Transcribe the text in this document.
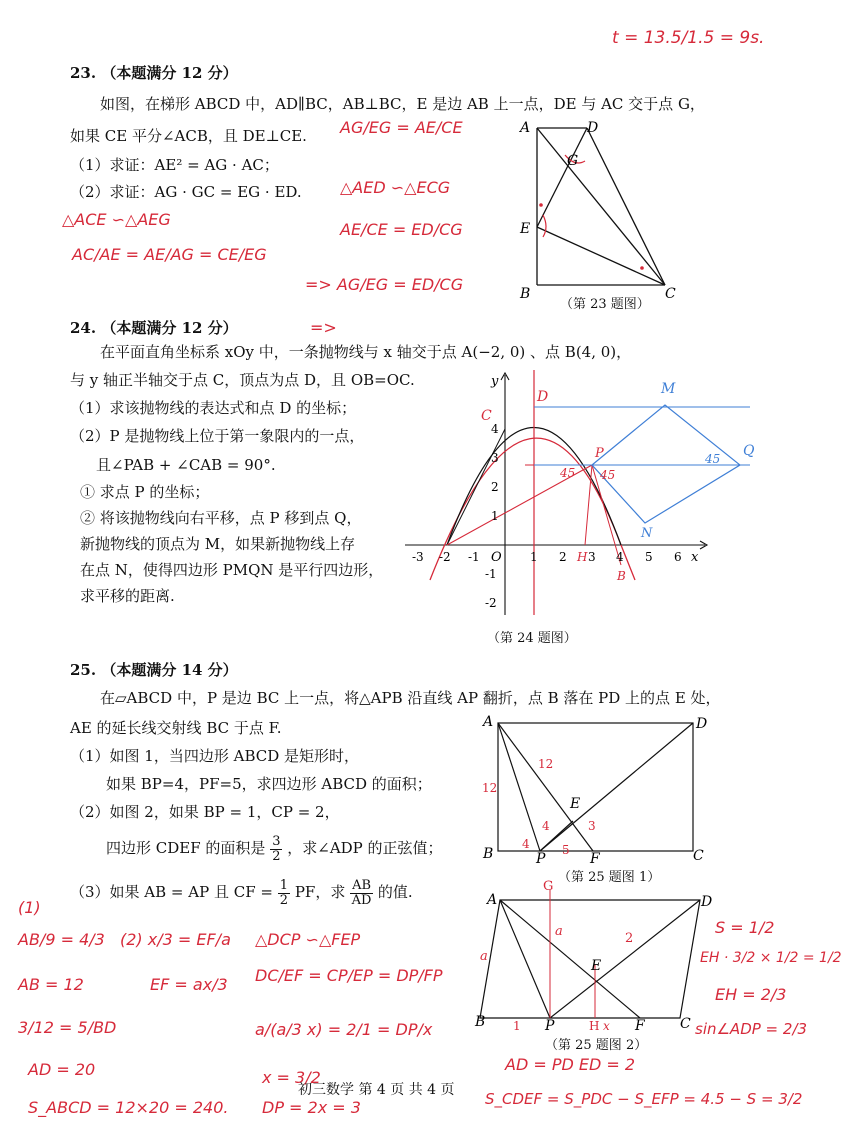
t = 13.5/1.5 = 9s.
23. （本题满分 12 分）
如图，在梯形 ABCD 中，AD∥BC，AB⊥BC，E 是边 AB 上一点，DE 与 AC 交于点 G，
如果 CE 平分∠ACB，且 DE⊥CE.
（1）求证：AE² = AG · AC；
（2）求证：AG · GC = EG · ED.
AG/EG = AE/CE
△AED ∽△ECG
AE/CE = ED/CG
=> AG/EG = ED/CG
=>
△ACE ∽△AEG
AC/AE = AE/AG = CE/EG
A	D
G
E
B	C
（第 23 题图）
24. （本题满分 12 分）
在平面直角坐标系 xOy 中，一条抛物线与 x 轴交于点 A(−2, 0) 、点 B(4, 0)，
与 y 轴正半轴交于点 C，顶点为点 D，且 OB=OC.
（1）求该抛物线的表达式和点 D 的坐标；
（2）P 是抛物线上位于第一象限内的一点，
且∠PAB + ∠CAB = 90°.
① 求点 P 的坐标；
② 将该抛物线向右平移，点 P 移到点 Q，
新抛物线的顶点为 M，如果新抛物线上存
在点 N，使得四边形 PMQN 是平行四边形，
求平移的距离.
-3 -2 -1 O 1 2 3 4 5 6 x
y
4
3
2
1
-1
-2
D
C
M
Q
P
N
H
B
45 45
45
（第 24 题图）
25. （本题满分 14 分）
在▱ABCD 中，P 是边 BC 上一点，将△APB 沿直线 AP 翻折，点 B 落在 PD 上的点 E 处，
AE 的延长线交射线 BC 于点 F.
（1）如图 1，当四边形 ABCD 是矩形时，
如果 BP=4，PF=5，求四边形 ABCD 的面积；
（2）如图 2，如果 BP = 1，CP = 2，
四边形 CDEF 的面积是 $\frac{3}{2}$ ，求∠ADP 的正弦值；
（3）如果 AB = AP 且 CF = $\frac{1}{2}$ PF，求 $\frac{AB}{AD}$ 的值.
A	D
B	C
E
P	F
12
12
4
4	5
3
（第 25 题图 1）
A	D
B	C
E
P	F
G
a
a	2
1	H x
（第 25 题图 2）
(1)
AB/9 = 4/3
AB = 12
3/12 = 5/BD
AD = 20
S_ABCD = 12×20 = 240.
(2) x/3 = EF/a
EF = ax/3
△DCP ∽△FEP
DC/EF = CP/EP = DP/FP
a/(a/3 x) = 2/1 = DP/x
x = 3/2
DP = 2x = 3
S = 1/2
EH · 3/2 × 1/2 = 1/2
EH = 2/3
sin∠ADP = 2/3
AD = PD ED = 2
S_CDEF = S_PDC − S_EFP = 4.5 − S = 3/2
初三数学 第 4 页 共 4 页
